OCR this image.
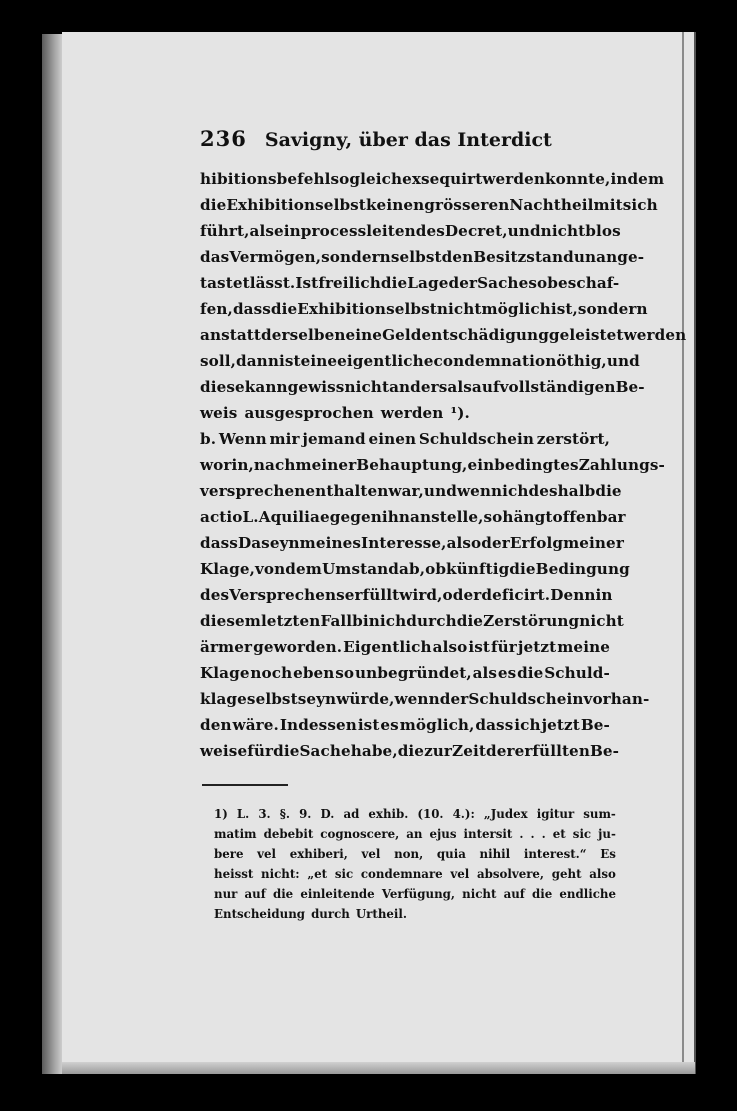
236 Savigny, über das Interdict
hibitionsbefehl sogleich exsequirt werden konnte, indem
die Exhibition selbst keinen grösseren Nachtheil mit sich
führt, als ein processleitendes Decret, und nicht blos
das Vermögen, sondern selbst den Besitzstand unange-
tastet lässt. Ist freilich die Lage der Sache so beschaf-
fen, dass die Exhibition selbst nicht möglich ist, sondern
anstatt derselben eine Geldentschädigung geleistet werden
soll, dann ist eine eigentliche condemnatio nöthig, und
diese kann gewiss nicht anders als auf vollständigen Be-
weis ausgesprochen werden ¹).
b. Wenn mir jemand einen Schuldschein zerstört,
worin, nach meiner Behauptung, ein bedingtes Zahlungs-
versprechen enthalten war, und wenn ich deshalb die
actio L. Aquiliae gegen ihn anstelle, so hängt offenbar
dass Daseyn meines Interesse, also der Erfolg meiner
Klage, von dem Umstand ab, ob künftig die Bedingung
des Versprechens erfüllt wird, oder deficirt. Denn in
diesem letzten Fall bin ich durch die Zerstörung nicht
ärmer geworden. Eigentlich also ist für jetzt meine
Klage noch eben so unbegründet, als es die Schuld-
klage selbst seyn würde, wenn der Schuldschein vorhan-
den wäre. Indessen ist es möglich, dass ich jetzt Be-
weise für die Sache habe, die zur Zeit der erfüllten Be-
1) L. 3. §. 9. D. ad exhib. (10. 4.): „Judex igitur sum-
matim debebit cognoscere, an ejus intersit . . . et sic ju-
bere vel exhiberi, vel non, quia nihil interest.“ Es
heisst nicht: „et sic condemnare vel absolvere, geht also
nur auf die einleitende Verfügung, nicht auf die endliche
Entscheidung durch Urtheil.
